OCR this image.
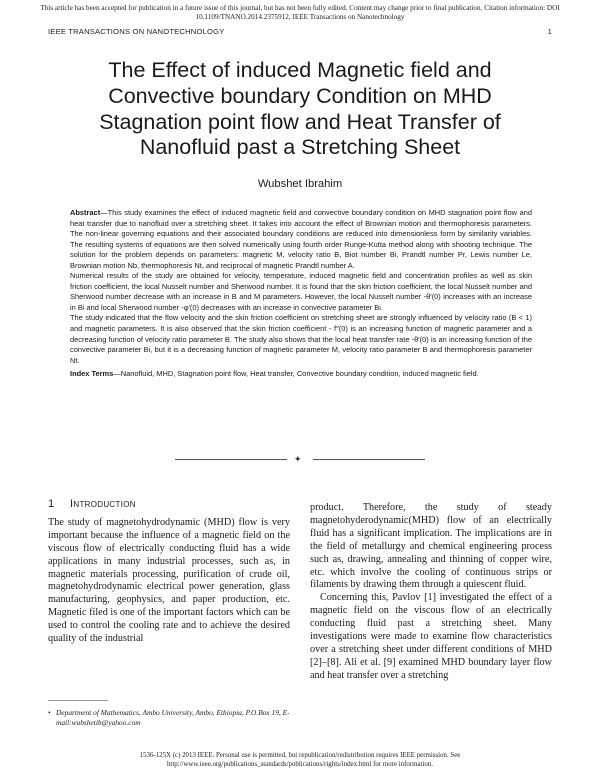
This article has been accepted for publication in a future issue of this journal, but has not been fully edited. Content may change prior to final publication. Citation information: DOI
10.1109/TNANO.2014.2375912, IEEE Transactions on Nanotechnology
IEEE TRANSACTIONS ON NANOTECHNOLOGY	1
The Effect of induced Magnetic field and
Convective boundary Condition on MHD
Stagnation point flow and Heat Transfer of
Nanofluid past a Stretching Sheet
Wubshet Ibrahim

Abstract—This study examines the effect of induced magnetic field and convective boundary condition on MHD stagnation point flow and heat transfer due to nanofluid over a stretching sheet. It takes into account the effect of Brownian motion and thermophoresis parameters. The non-linear governing equations and their associated boundary conditions are reduced into dimensionless form by similarity variables. The resulting systems of equations are then solved numerically using fourth order Runge-Kutta method along with shooting technique. The solution for the problem depends on parameters: magnetic M, velocity ratio B, Biot number Bi, Prandtl number Pr, Lewis number Le, Brownian motion Nb, thermophoresis Nt, and reciprocal of magnetic Prandtl number A.

Numerical results of the study are obtained for velocity, temperature, induced magnetic field and concentration profiles as well as skin friction coefficient, the local Nusselt number and Sherwood number. It is found that the skin friction coefficient, the local Nusselt number and Sherwood number decrease with an increase in B and M parameters. However, the local Nusselt number -θ′(0) increases with an increase in Bi and local Sherwood number -φ′(0) decreases with an increase in convective parameter Bi.

The study indicated that the flow velocity and the skin friction coefficient on stretching sheet are strongly influenced by velocity ratio (B < 1) and magnetic parameters. It is also observed that the skin friction coefficient - f″(0) is an increasing function of magnetic parameter and a decreasing function of velocity ratio parameter B. The study also shows that the local heat transfer rate -θ′(0) is an increasing function of the convective parameter Bi, but it is a decreasing function of magnetic parameter M, velocity ratio parameter B and thermophoresis parameter Nt.

Index Terms—Nanofluid, MHD, Stagnation point flow, Heat transfer, Convective boundary condition, induced magnetic field.

✦
1 Introduction

The study of magnetohydrodynamic (MHD) flow is very important because the influence of a magnetic field on the viscous flow of electrically conducting fluid has a wide applications in many industrial processes, such as, in magnetic materials processing, purification of crude oil, magnetohydrodynamic electrical power generation, glass manufacturing, geophysics, and paper production, etc. Magnetic filed is one of the important factors which can be used to control the cooling rate and to achieve the desired quality of the industrial

product. Therefore, the study of steady magnetohyderodynamic(MHD) flow of an electrically fluid has a significant implication. The implications are in the field of metallurgy and chemical engineering process such as, drawing, annealing and thinning of copper wire, etc. which involve the cooling of continuous strips or filaments by drawing them through a quiescent fluid.

Concerning this, Pavlov [1] investigated the effect of a magnetic field on the viscous flow of an electrically conducting fluid past a stretching sheet. Many investigations were made to examine flow characteristics over a stretching sheet under different conditions of MHD [2]–[8]. Ali et al. [9] examined MHD boundary layer flow and heat transfer over a stretching

• Department of Mathematics, Ambo University, Ambo, Ethiopia, P.O.Box 19, E-mail:wubshetib@yahoo.com
1536-125X (c) 2013 IEEE. Personal use is permitted, but republication/redistribution requires IEEE permission. See
http://www.ieee.org/publications_standards/publications/rights/index.html for more information.
